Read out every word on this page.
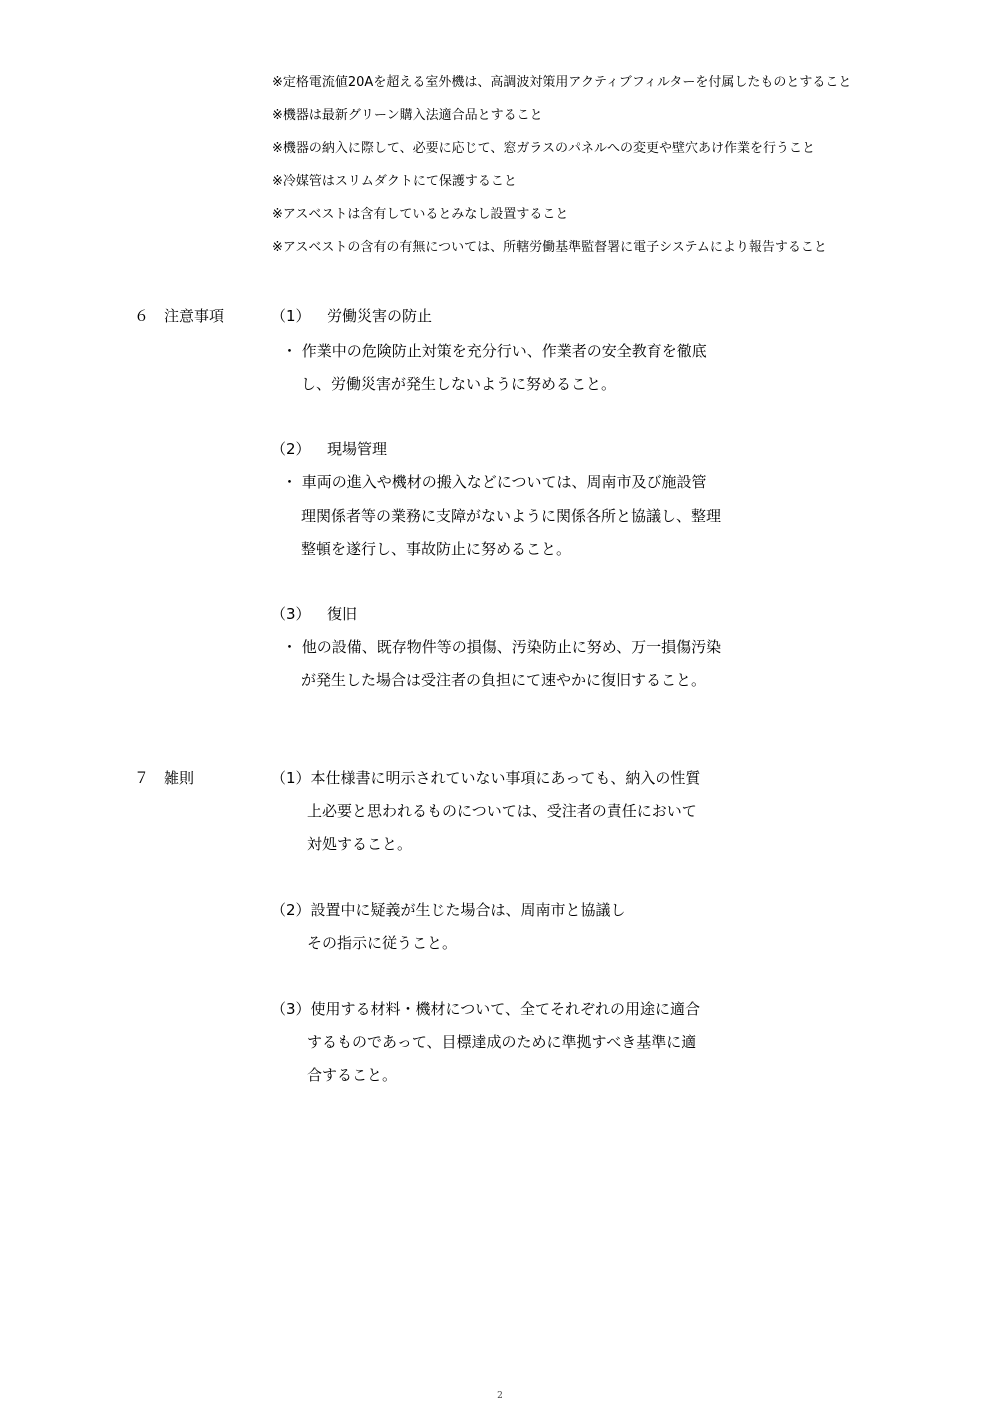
※定格電流値20Aを超える室外機は、高調波対策用アクティブフィルターを付属したものとすること
※機器は最新グリーン購入法適合品とすること
※機器の納入に際して、必要に応じて、窓ガラスのパネルへの変更や壁穴あけ作業を行うこと
※冷媒管はスリムダクトにて保護すること
※アスベストは含有しているとみなし設置すること
※アスベストの含有の有無については、所轄労働基準監督署に電子システムにより報告すること
６　注意事項	（1） 労働災害の防止
・ 作業中の危険防止対策を充分行い、作業者の安全教育を徹底
し、労働災害が発生しないように努めること。
（2） 現場管理
・ 車両の進入や機材の搬入などについては、周南市及び施設管
理関係者等の業務に支障がないように関係各所と協議し、整理
整頓を遂行し、事故防止に努めること。
（3） 復旧
・ 他の設備、既存物件等の損傷、汚染防止に努め、万一損傷汚染
が発生した場合は受注者の負担にて速やかに復旧すること。
７　雑則	（1）本仕様書に明示されていない事項にあっても、納入の性質
上必要と思われるものについては、受注者の責任において
対処すること。
（2）設置中に疑義が生じた場合は、周南市と協議し
その指示に従うこと。
（3）使用する材料・機材について、全てそれぞれの用途に適合
するものであって、目標達成のために準拠すべき基準に適
合すること。
2
